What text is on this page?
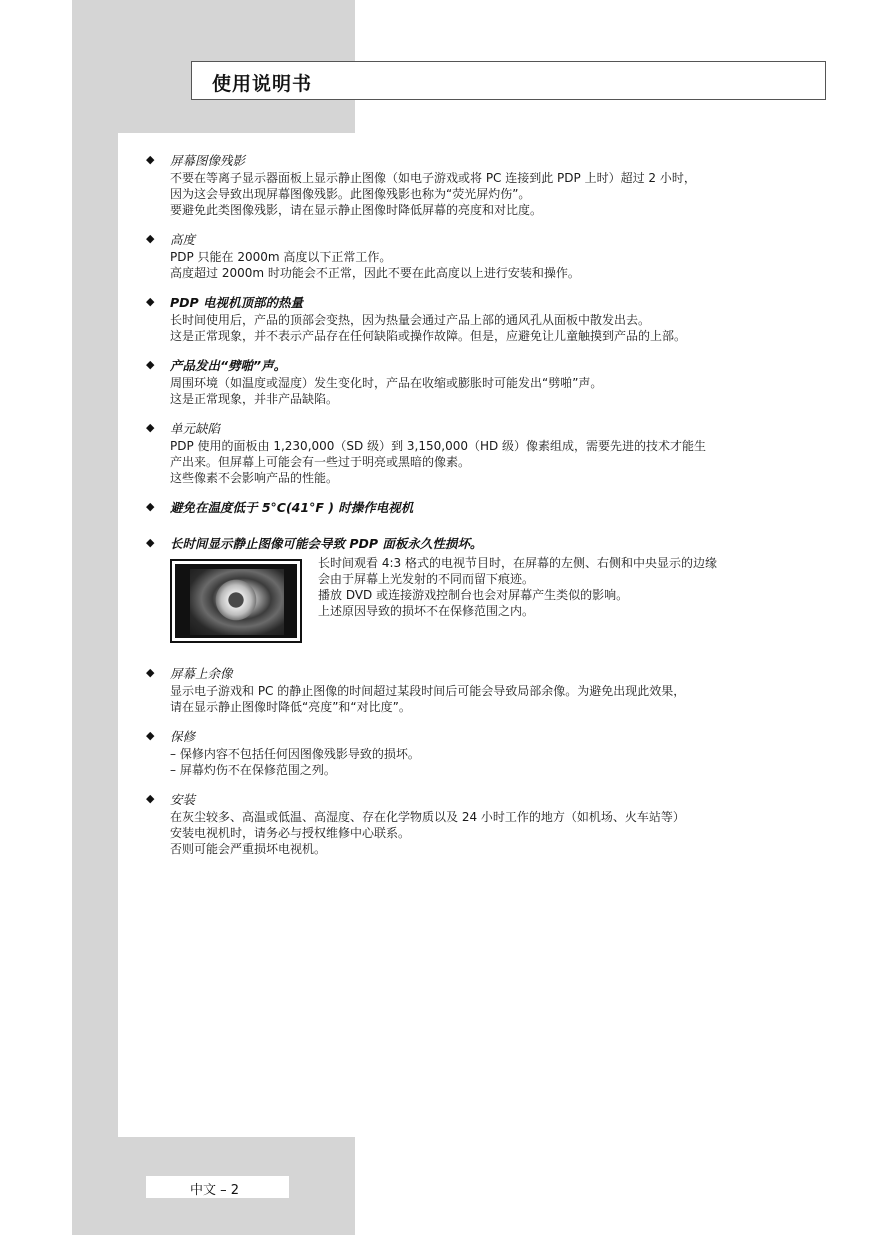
使用说明书
◆ 屏幕图像残影
不要在等离子显示器面板上显示静止图像（如电子游戏或将 PC 连接到此 PDP 上时）超过 2 小时，
因为这会导致出现屏幕图像残影。此图像残影也称为“荧光屏灼伤”。
要避免此类图像残影，请在显示静止图像时降低屏幕的亮度和对比度。
◆ 高度
PDP 只能在 2000m 高度以下正常工作。
高度超过 2000m 时功能会不正常，因此不要在此高度以上进行安装和操作。
◆ PDP 电视机顶部的热量
长时间使用后，产品的顶部会变热，因为热量会通过产品上部的通风孔从面板中散发出去。
这是正常现象，并不表示产品存在任何缺陷或操作故障。但是，应避免让儿童触摸到产品的上部。
◆ 产品发出“劈啪”声。
周围环境（如温度或湿度）发生变化时，产品在收缩或膨胀时可能发出“劈啪”声。
这是正常现象，并非产品缺陷。
◆ 单元缺陷
PDP 使用的面板由 1,230,000（SD 级）到 3,150,000（HD 级）像素组成，需要先进的技术才能生
产出来。但屏幕上可能会有一些过于明亮或黑暗的像素。
这些像素不会影响产品的性能。
◆ 避免在温度低于 5°C(41°F ) 时操作电视机
◆ 长时间显示静止图像可能会导致 PDP 面板永久性损坏。
长时间观看 4:3 格式的电视节目时，在屏幕的左侧、右侧和中央显示的边缘
会由于屏幕上光发射的不同而留下痕迹。
播放 DVD 或连接游戏控制台也会对屏幕产生类似的影响。
上述原因导致的损坏不在保修范围之内。
◆ 屏幕上余像
显示电子游戏和 PC 的静止图像的时间超过某段时间后可能会导致局部余像。为避免出现此效果，
请在显示静止图像时降低“亮度”和“对比度”。
◆ 保修
– 保修内容不包括任何因图像残影导致的损坏。
– 屏幕灼伤不在保修范围之列。
◆ 安装
在灰尘较多、高温或低温、高湿度、存在化学物质以及 24 小时工作的地方（如机场、火车站等）
安装电视机时，请务必与授权维修中心联系。
否则可能会严重损坏电视机。
中文 – 2
